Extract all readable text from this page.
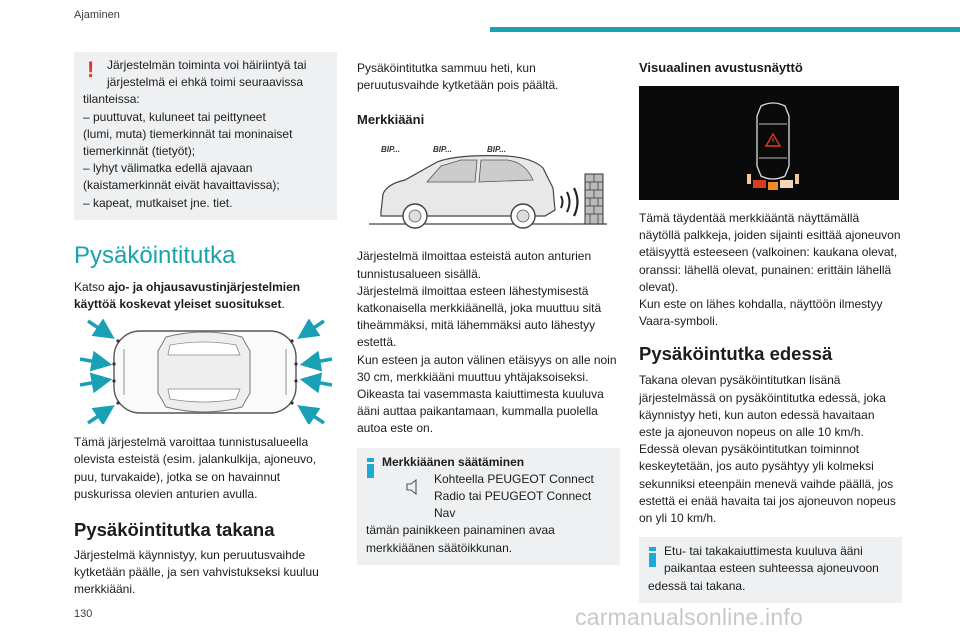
Ajaminen
!	Järjestelmän toiminta voi häiriintyä tai

järjestelmä ei ehkä toimi seuraavissa

tilanteissa:

– puuttuvat, kuluneet tai peittyneet

(lumi, muta) tiemerkinnät tai moninaiset

tiemerkinnät (tietyöt);

– lyhyt välimatka edellä ajavaan

(kaistamerkinnät eivät havaittavissa);

– kapeat, mutkaiset jne. tiet.

Pysäköintitutka

Katso ajo- ja ohjausavustinjärjestelmien käyttöä koskevat yleiset suositukset.

Tämä järjestelmä varoittaa tunnistusalueella

olevista esteistä (esim. jalankulkija, ajoneuvo,

puu, turvakaide), jotka se on havainnut

puskurissa olevien anturien avulla.

Pysäköintitutka takana

Järjestelmä käynnistyy, kun peruutusvaihde

kytketään päälle, ja sen vahvistukseksi kuuluu

merkkiääni.

Pysäköintitutka sammuu heti, kun

peruutusvaihde kytketään pois päältä.

Merkkiääni
BIP...	BIP...	BIP...

Järjestelmä ilmoittaa esteistä auton anturien

tunnistusalueen sisällä.

Järjestelmä ilmoittaa esteen lähestymisestä

katkonaisella merkkiäänellä, joka muuttuu sitä

tiheämmäksi, mitä lähemmäksi auto lähestyy

estettä.

Kun esteen ja auton välinen etäisyys on alle noin

30 cm, merkkiääni muuttuu yhtäjaksoiseksi.

Oikeasta tai vasemmasta kaiuttimesta kuuluva

ääni auttaa paikantamaan, kummalla puolella

autoa este on.

Merkkiäänen säätäminen

Kohteella PEUGEOT Connect

Radio tai PEUGEOT Connect Nav

tämän painikkeen painaminen avaa

merkkiäänen säätöikkunan.

Visuaalinen avustusnäyttö

Tämä täydentää merkkiääntä näyttämällä

näytöllä palkkeja, joiden sijainti esittää ajoneuvon

etäisyyttä esteeseen (valkoinen: kaukana olevat,

oranssi: lähellä olevat, punainen: erittäin lähellä

olevat).

Kun este on lähes kohdalla, näyttöön ilmestyy

Vaara-symboli.

Pysäköintutka edessä

Takana olevan pysäköintitutkan lisänä

järjestelmässä on pysäköintitutka edessä, joka

käynnistyy heti, kun auton edessä havaitaan

este ja ajoneuvon nopeus on alle 10 km/h.

Edessä olevan pysäköintitutkan toiminnot

keskeytetään, jos auto pysähtyy yli kolmeksi

sekunniksi eteenpäin menevä vaihde päällä, jos

estettä ei enää havaita tai jos ajoneuvon nopeus

on yli 10 km/h.

Etu- tai takakaiuttimesta kuuluva ääni

paikantaa esteen suhteessa ajoneuvoon

edessä tai takana.

130	carmanualsonline.info
